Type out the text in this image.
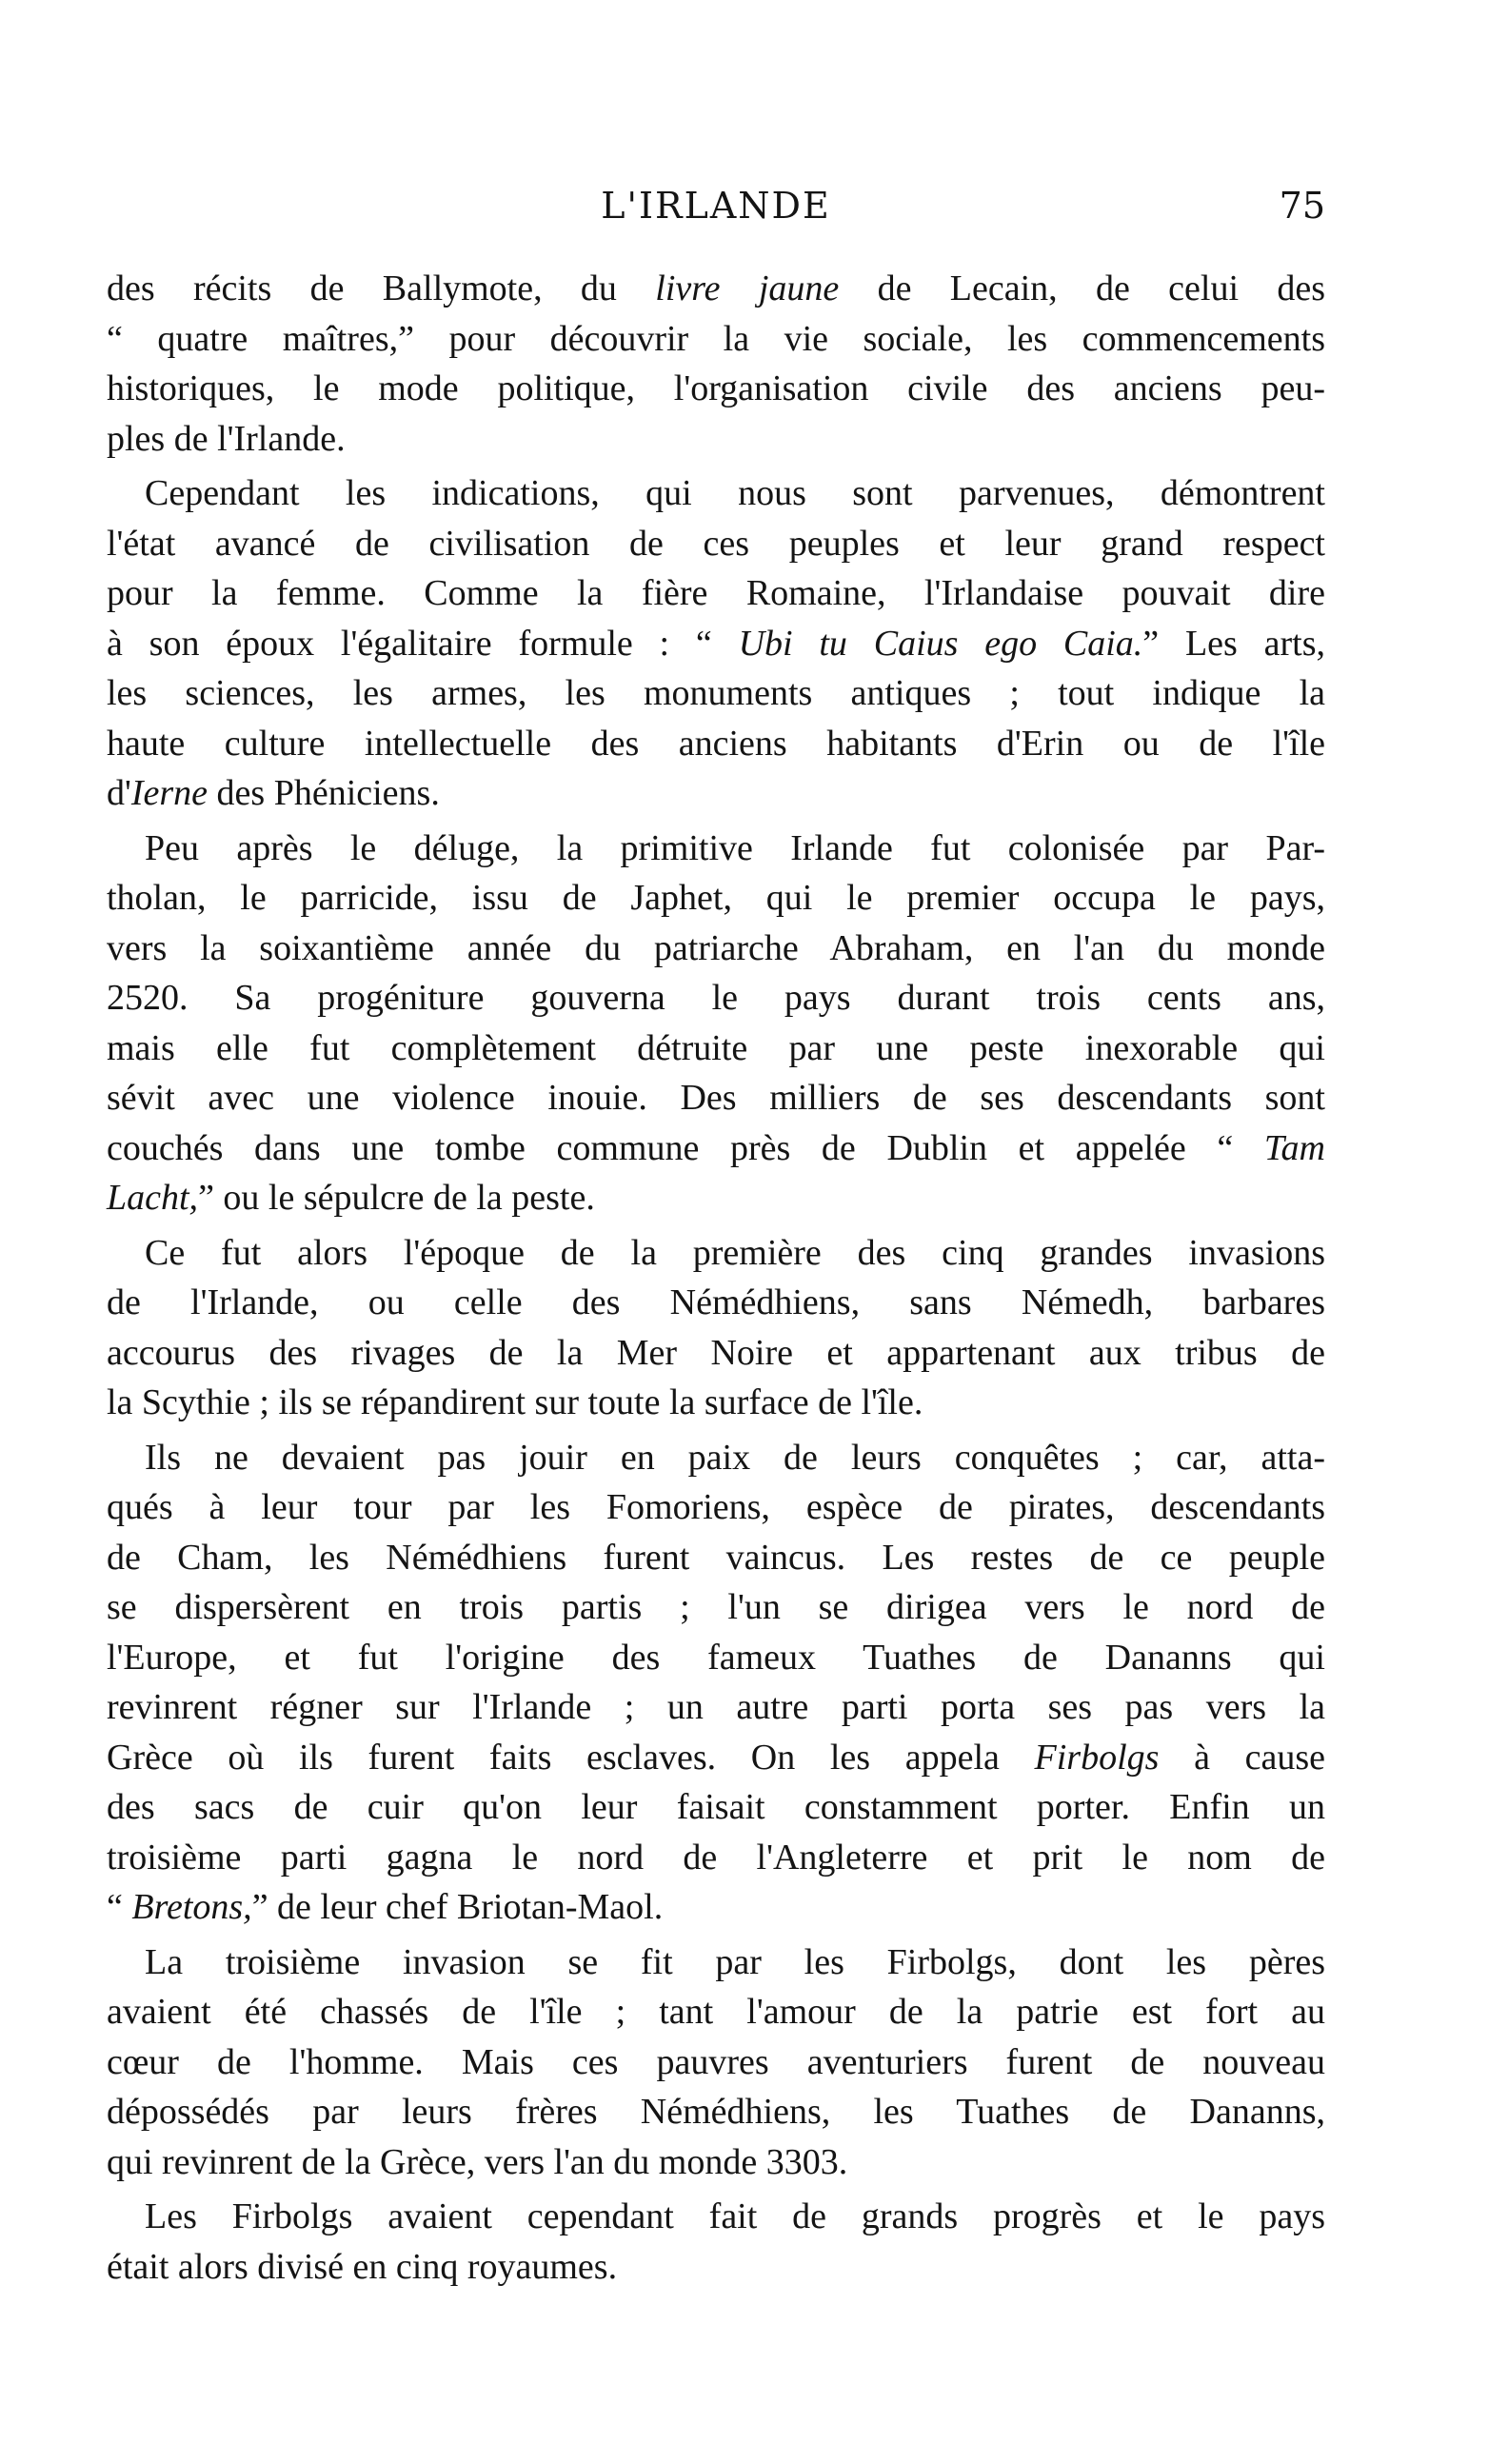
L'IRLANDE	75
des récits de Ballymote, du livre jaune de Lecain, de celui des
“ quatre maîtres,” pour découvrir la vie sociale, les commencements
historiques, le mode politique, l'organisation civile des anciens peu-
ples de l'Irlande.
Cependant les indications, qui nous sont parvenues, démontrent
l'état avancé de civilisation de ces peuples et leur grand respect
pour la femme. Comme la fière Romaine, l'Irlandaise pouvait dire
à son époux l'égalitaire formule : “ Ubi tu Caius ego Caia.” Les arts,
les sciences, les armes, les monuments antiques ; tout indique la
haute culture intellectuelle des anciens habitants d'Erin ou de l'île
d'Ierne des Phéniciens.
Peu après le déluge, la primitive Irlande fut colonisée par Par-
tholan, le parricide, issu de Japhet, qui le premier occupa le pays,
vers la soixantième année du patriarche Abraham, en l'an du monde
2520. Sa progéniture gouverna le pays durant trois cents ans,
mais elle fut complètement détruite par une peste inexorable qui
sévit avec une violence inouie. Des milliers de ses descendants sont
couchés dans une tombe commune près de Dublin et appelée “ Tam
Lacht,” ou le sépulcre de la peste.
Ce fut alors l'époque de la première des cinq grandes invasions
de l'Irlande, ou celle des Némédhiens, sans Némedh, barbares
accourus des rivages de la Mer Noire et appartenant aux tribus de
la Scythie ; ils se répandirent sur toute la surface de l'île.
Ils ne devaient pas jouir en paix de leurs conquêtes ; car, atta-
qués à leur tour par les Fomoriens, espèce de pirates, descendants
de Cham, les Némédhiens furent vaincus. Les restes de ce peuple
se dispersèrent en trois partis ; l'un se dirigea vers le nord de
l'Europe, et fut l'origine des fameux Tuathes de Dananns qui
revinrent régner sur l'Irlande ; un autre parti porta ses pas vers la
Grèce où ils furent faits esclaves. On les appela Firbolgs à cause
des sacs de cuir qu'on leur faisait constamment porter. Enfin un
troisième parti gagna le nord de l'Angleterre et prit le nom de
“ Bretons,” de leur chef Briotan-Maol.
La troisième invasion se fit par les Firbolgs, dont les pères
avaient été chassés de l'île ; tant l'amour de la patrie est fort au
cœur de l'homme. Mais ces pauvres aventuriers furent de nouveau
dépossédés par leurs frères Némédhiens, les Tuathes de Dananns,
qui revinrent de la Grèce, vers l'an du monde 3303.
Les Firbolgs avaient cependant fait de grands progrès et le pays
était alors divisé en cinq royaumes.
